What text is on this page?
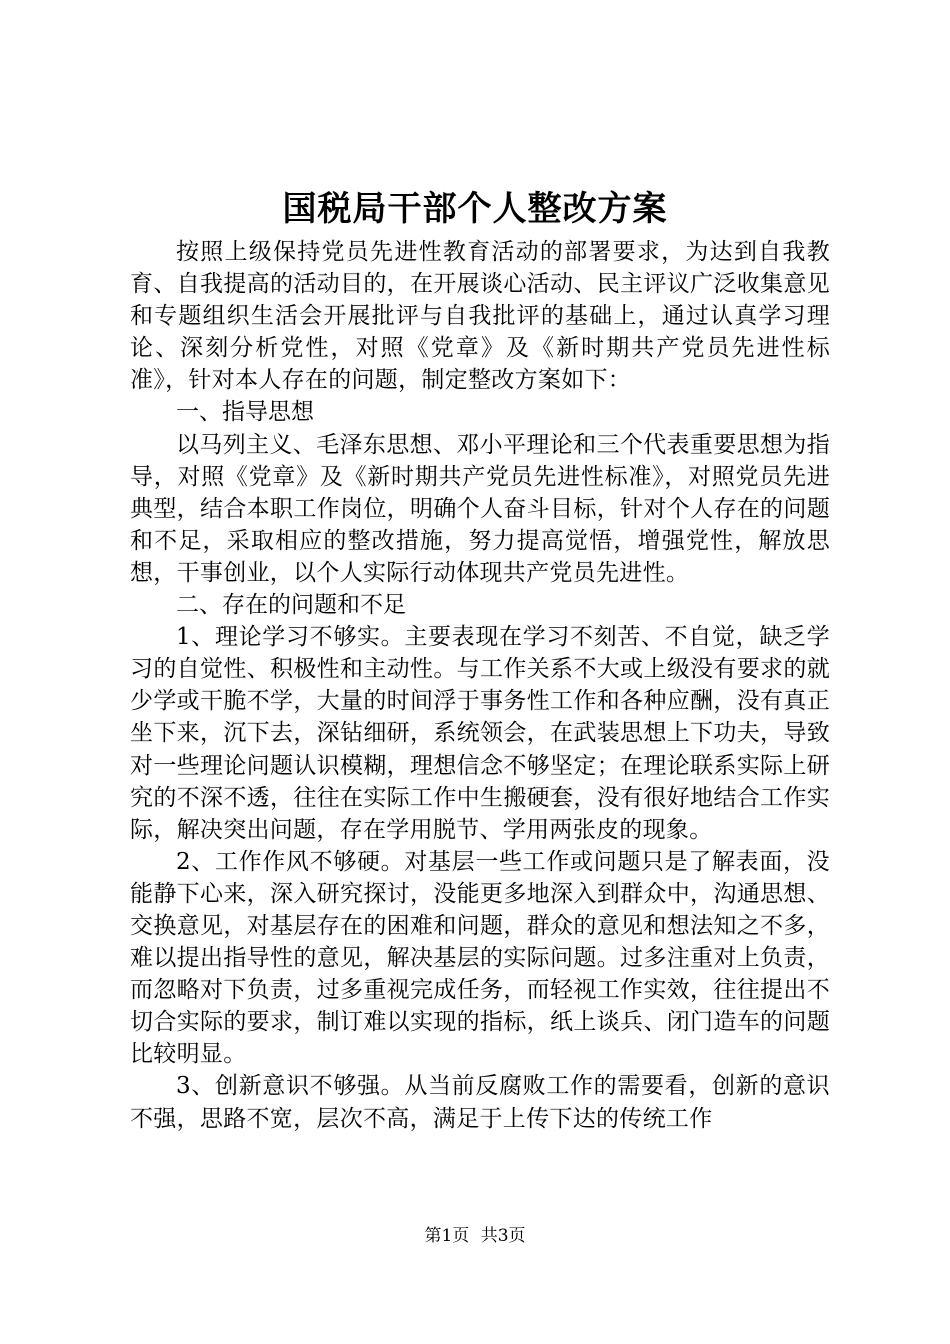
国税局干部个人整改方案

按照上级保持党员先进性教育活动的部署要求，为达到自我教育、自我提高的活动目的，在开展谈心活动、民主评议广泛收集意见和专题组织生活会开展批评与自我批评的基础上，通过认真学习理论、深刻分析党性，对照《党章》及《新时期共产党员先进性标准》，针对本人存在的问题，制定整改方案如下：

一、指导思想

以马列主义、毛泽东思想、邓小平理论和三个代表重要思想为指导，对照《党章》及《新时期共产党员先进性标准》，对照党员先进典型，结合本职工作岗位，明确个人奋斗目标，针对个人存在的问题和不足，采取相应的整改措施，努力提高觉悟，增强党性，解放思想，干事创业，以个人实际行动体现共产党员先进性。

二、存在的问题和不足

1、理论学习不够实。主要表现在学习不刻苦、不自觉，缺乏学习的自觉性、积极性和主动性。与工作关系不大或上级没有要求的就少学或干脆不学，大量的时间浮于事务性工作和各种应酬，没有真正坐下来，沉下去，深钻细研，系统领会，在武装思想上下功夫，导致对一些理论问题认识模糊，理想信念不够坚定；在理论联系实际上研究的不深不透，往往在实际工作中生搬硬套，没有很好地结合工作实际，解决突出问题，存在学用脱节、学用两张皮的现象。

2、工作作风不够硬。对基层一些工作或问题只是了解表面，没能静下心来，深入研究探讨，没能更多地深入到群众中，沟通思想、交换意见，对基层存在的困难和问题，群众的意见和想法知之不多，难以提出指导性的意见，解决基层的实际问题。过多注重对上负责，而忽略对下负责，过多重视完成任务，而轻视工作实效，往往提出不切合实际的要求，制订难以实现的指标，纸上谈兵、闭门造车的问题比较明显。

3、创新意识不够强。从当前反腐败工作的需要看，创新的意识不强，思路不宽，层次不高，满足于上传下达的传统工作

第1页 共3页
